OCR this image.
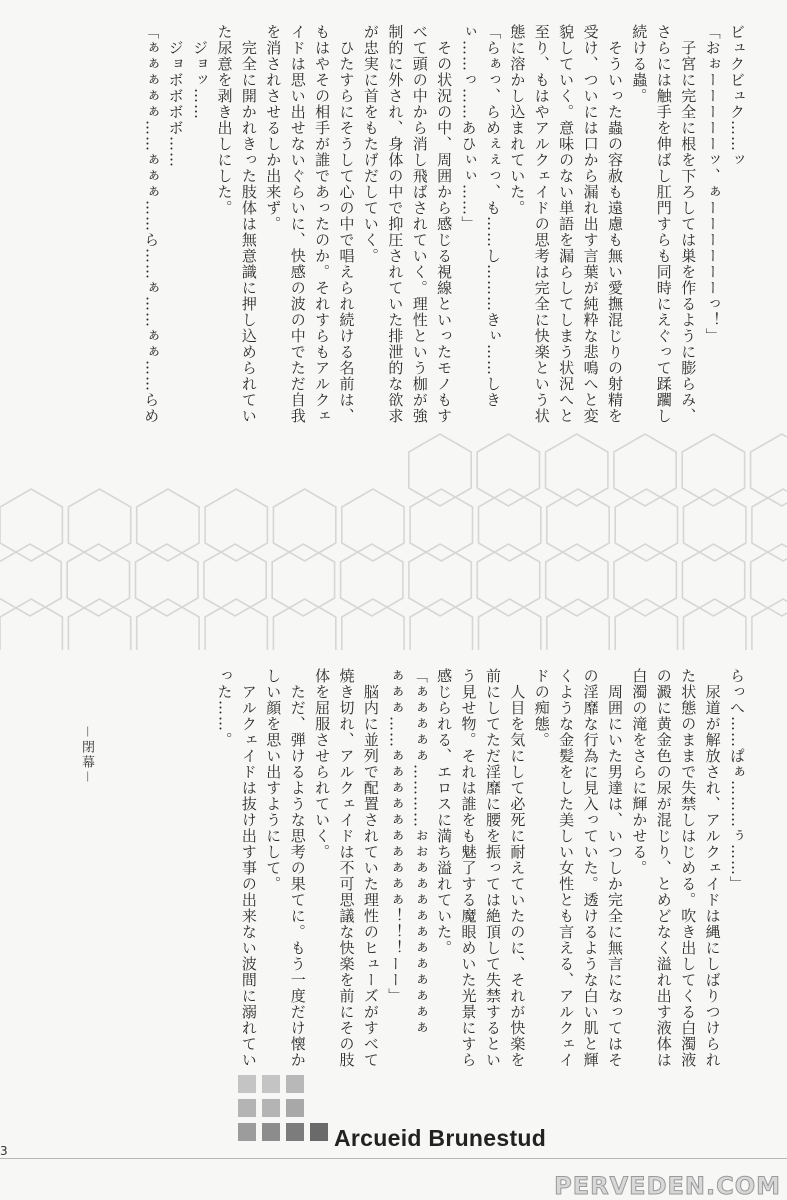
ビュクビュク……ッ

「おぉーーーーーッ、ぁーーーーーーっ！」

　子宮に完全に根を下ろしては巣を作るように膨らみ、

さらには触手を伸ばし肛門すらも同時にえぐって蹂躙し

続ける蟲。

　そういった蟲の容赦も遠慮も無い愛撫混じりの射精を

受け、ついには口から漏れ出す言葉が純粋な悲鳴へと変

貌していく。意味のない単語を漏らしてしまう状況へと

至り、もはやアルクェイドの思考は完全に快楽という状

態に溶かし込まれていた。

「らぁっ、らめぇぇっ、も……し………きぃ……しき

ぃ……っ……あひぃぃ……」

　その状況の中、周囲から感じる視線といったモノもす

べて頭の中から消し飛ばされていく。理性という枷が強

制的に外され、身体の中で抑圧されていた排泄的な欲求

が忠実に首をもたげだしていく。

　ひたすらにそうして心の中で唱えられ続ける名前は、

もはやその相手が誰であったのか。それすらもアルクェ

イドは思い出せないぐらいに、快感の波の中でただ自我

を消されさせるしか出来ず。

　完全に開かれきった肢体は無意識に押し込められてい

た尿意を剥き出しにした。

　ジョッ……

　ジョボボボボ……

「ぁぁぁぁぁ……ぁぁぁ……ら……ぁ……ぁぁ……らめ

らっへ……ぱぁ………ぅ……」

　尿道が解放され、アルクェイドは縄にしばりつけられ

た状態のままで失禁しはじめる。吹き出してくる白濁液

の澱に黄金色の尿が混じり、とめどなく溢れ出す液体は

白濁の滝をさらに輝かせる。

　周囲にいた男達は、いつしか完全に無言になってはそ

の淫靡な行為に見入っていた。透けるような白い肌と輝

くような金髪をした美しい女性とも言える、アルクェイ

ドの痴態。

　人目を気にして必死に耐えていたのに、それが快楽を

前にしてただ淫靡に腰を振っては絶頂して失禁するとい

う見せ物。それは誰をも魅了する魔眼めいた光景にすら

感じられる、エロスに満ち溢れていた。

「ぁぁぁぁぁ…………ぉぉぁぁぁぁぁぁぁぁぁぁぁ

ぁぁぁ……ぁぁぁぁぁぁぁぁぁぁ！！！ーー」

　脳内に並列で配置されていた理性のヒューズがすべて

焼き切れ、アルクェイドは不可思議な快楽を前にその肢

体を屈服させられていく。

　ただ、弾けるような思考の果てに。もう一度だけ懐か

しい顔を思い出すようにして。

　アルクェイドは抜け出す事の出来ない波間に溺れてい

った……。

－閉幕－
Arcueid Brunestud
3
PERVEDEN.COM
